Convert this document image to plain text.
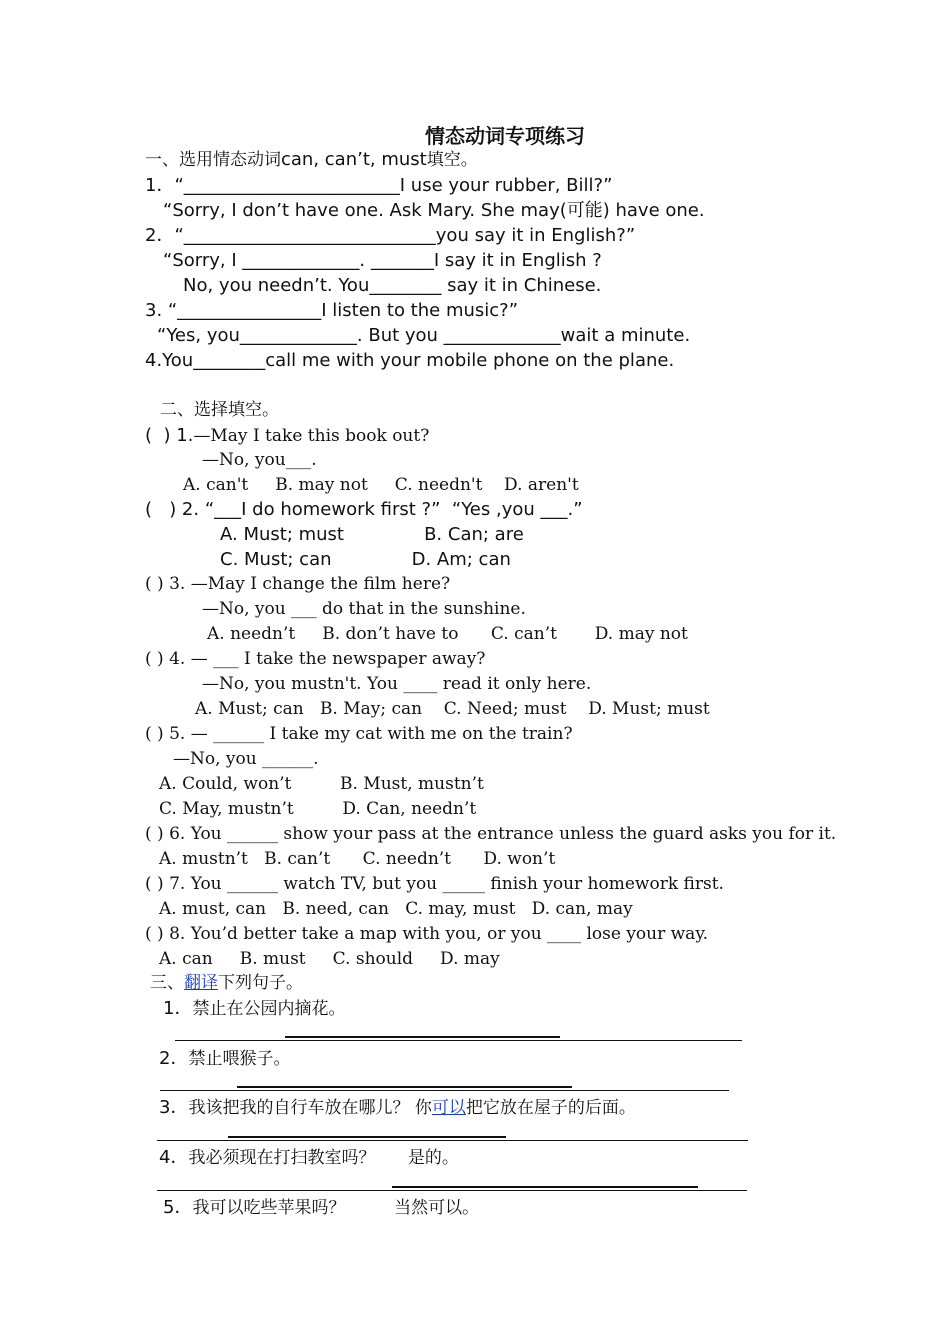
情态动词专项练习
一、选用情态动词can, can’t, must填空。
1．“________________________I use your rubber, Bill?”
“Sorry, I don’t have one. Ask Mary. She may(可能) have one.
2．“____________________________you say it in English?”
“Sorry, I _____________. _______I say it in English ?
No, you needn’t. You________ say it in Chinese.
3. “________________I listen to the music?”
“Yes, you_____________. But you _____________wait a minute.
4.You________call me with your mobile phone on the plane.
二、选择填空。
(  ) 1.—May I take this book out?
—No, you___.
A. can't     B. may not     C. needn't    D. aren't
(   ) 2. “___I do homework first ?”  “Yes ,you ___.”
A. Must; must              B. Can; are
C. Must; can              D. Am; can
( ) 3. —May I change the film here?
—No, you ___ do that in the sunshine.
A. needn’t     B. don’t have to      C. can’t       D. may not
( ) 4. — ___ I take the newspaper away?
—No, you mustn't. You ____ read it only here.
A. Must; can   B. May; can    C. Need; must    D. Must; must
( ) 5. — ______ I take my cat with me on the train?
—No, you ______.
A. Could, won’t         B. Must, mustn’t
C. May, mustn’t         D. Can, needn’t
( ) 6. You ______ show your pass at the entrance unless the guard asks you for it.
A. mustn’t   B. can’t      C. needn’t      D. won’t
( ) 7. You ______ watch TV, but you _____ finish your homework first.
A. must, can   B. need, can   C. may, must   D. can, may
( ) 8. You’d better take a map with you, or you ____ lose your way.
A. can     B. must     C. should     D. may
三、翻译下列句子。
1．禁止在公园内摘花。
2．禁止喂猴子。
3．我该把我的自行车放在哪儿？ 你可以把它放在屋子的后面。
4．我必须现在打扫教室吗？      是的。
5．我可以吃些苹果吗？         当然可以。
